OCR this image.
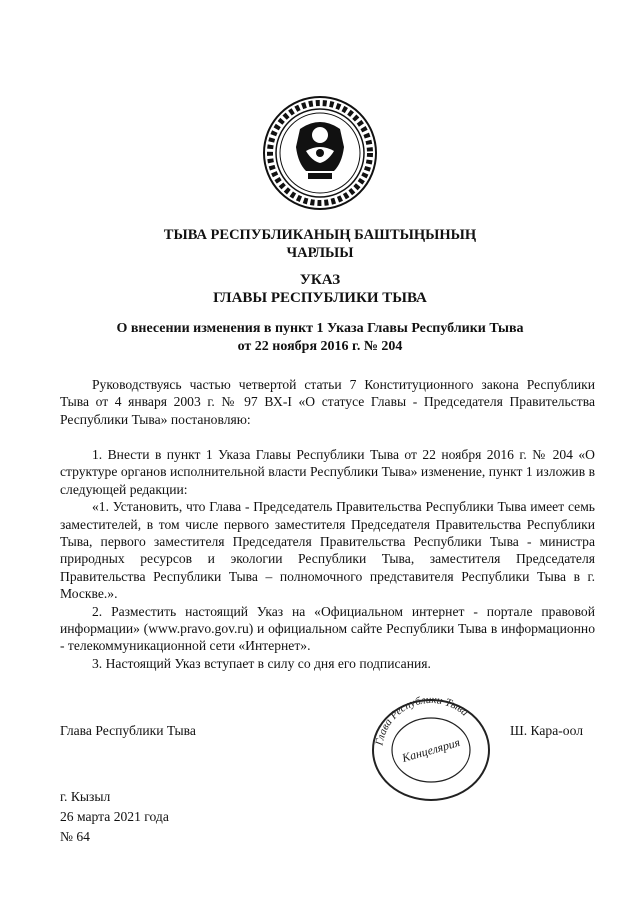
ТЫВА РЕСПУБЛИКАНЫҢ БАШТЫҢЫНЫҢ
ЧАРЛЫЫ
УКАЗ
ГЛАВЫ РЕСПУБЛИКИ ТЫВА
О внесении изменения в пункт 1 Указа Главы Республики Тыва
от 22 ноября 2016 г. № 204
Руководствуясь частью четвертой статьи 7 Конституционного закона Республики Тыва от 4 января 2003 г. № 97 ВХ-I «О статусе Главы - Председателя Правительства Республики Тыва» постановляю:

1. Внести в пункт 1 Указа Главы Республики Тыва от 22 ноября 2016 г. № 204 «О структуре органов исполнительной власти Республики Тыва» изменение, пункт 1 изложив в следующей редакции:

«1. Установить, что Глава - Председатель Правительства Республики Тыва имеет семь заместителей, в том числе первого заместителя Председателя Правительства Республики Тыва, первого заместителя Председателя Правительства Республики Тыва - министра природных ресурсов и экологии Республики Тыва, заместителя Председателя Правительства Республики Тыва – полномочного представителя Республики Тыва в г. Москве.».

2. Разместить настоящий Указ на «Официальном интернет - портале правовой информации» (www.pravo.gov.ru) и официальном сайте Республики Тыва в информационно - телекоммуникационной сети «Интернет».

3. Настоящий Указ вступает в силу со дня его подписания.

Глава Республики Тыва
Глава Республики Тыва
Канцелярия
Ш. Кара-оол
г. Кызыл
26 марта 2021 года
№ 64
